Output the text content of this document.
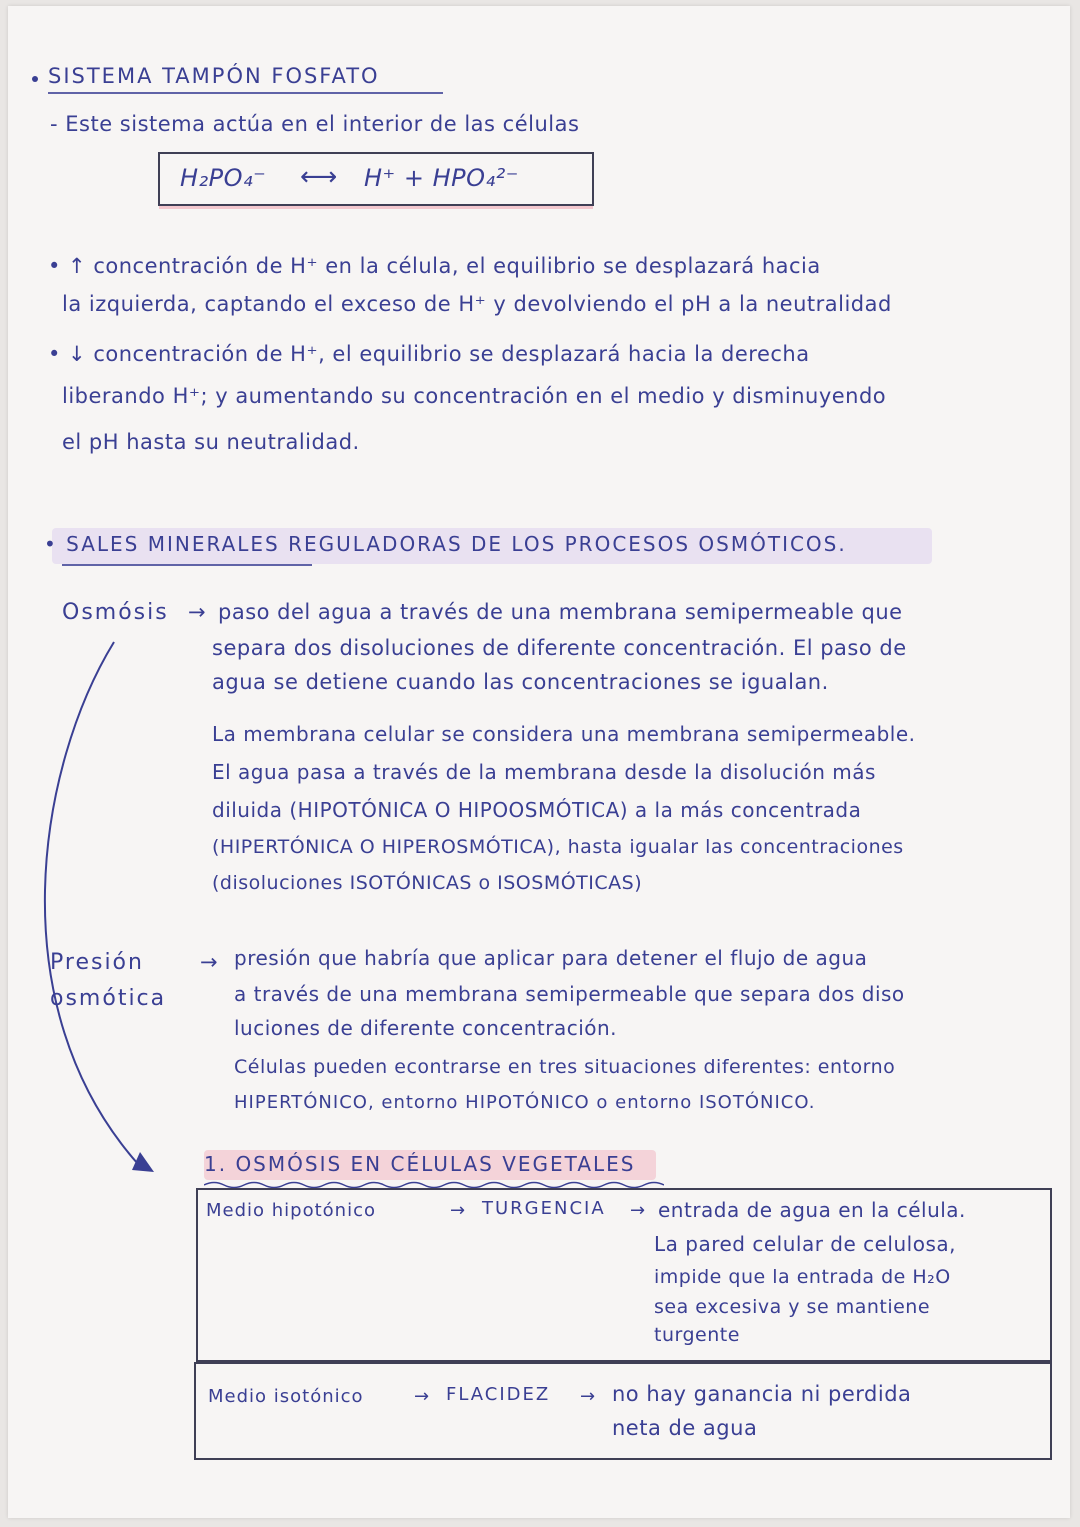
SISTEMA TAMPÓN FOSFATO
- Este sistema actúa en el interior de las células
H₂PO₄⁻ ⟷ H⁺ + HPO₄²⁻
• ↑ concentración de H⁺ en la célula, el equilibrio se desplazará hacia
la izquierda, captando el exceso de H⁺ y devolviendo el pH a la neutralidad
• ↓ concentración de H⁺, el equilibrio se desplazará hacia la derecha
liberando H⁺; y aumentando su concentración en el medio y disminuyendo
el pH hasta su neutralidad.
• SALES MINERALES REGULADORAS DE LOS PROCESOS OSMÓTICOS.
Osmósis → paso del agua a través de una membrana semipermeable que
separa dos disoluciones de diferente concentración. El paso de
agua se detiene cuando las concentraciones se igualan.
La membrana celular se considera una membrana semipermeable.
El agua pasa a través de la membrana desde la disolución más
diluida (HIPOTÓNICA O HIPOOSMÓTICA) a la más concentrada
(HIPERTÓNICA O HIPEROSMÓTICA), hasta igualar las concentraciones
(disoluciones ISOTÓNICAS o ISOSMÓTICAS)
Presión
osmótica
→ presión que habría que aplicar para detener el flujo de agua
a través de una membrana semipermeable que separa dos diso
luciones de diferente concentración.
Células pueden econtrarse en tres situaciones diferentes: entorno
HIPERTÓNICO, entorno HIPOTÓNICO o entorno ISOTÓNICO.
1. OSMÓSIS EN CÉLULAS VEGETALES
Medio hipotónico	→ TURGENCIA → entrada de agua en la célula.
La pared celular de celulosa,
impide que la entrada de H₂O
sea excesiva y se mantiene
turgente
Medio isotónico	→ FLACIDEZ → no hay ganancia ni perdida
neta de agua
